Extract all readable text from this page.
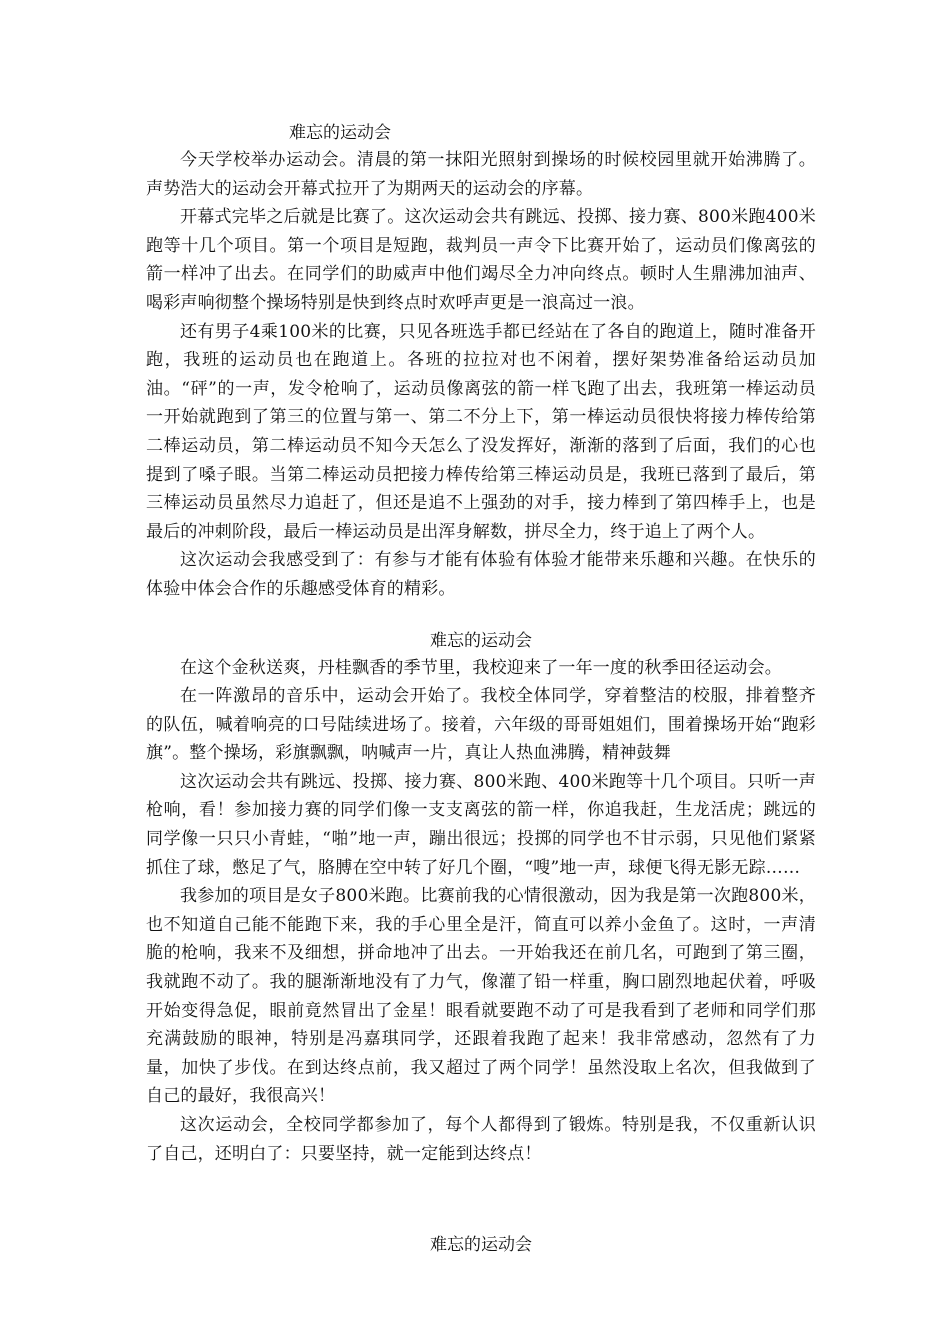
难忘的运动会

今天学校举办运动会。清晨的第一抹阳光照射到操场的时候校园里就开始沸腾了。声势浩大的运动会开幕式拉开了为期两天的运动会的序幕。

开幕式完毕之后就是比赛了。这次运动会共有跳远、投掷、接力赛、800米跑400米跑等十几个项目。第一个项目是短跑，裁判员一声令下比赛开始了，运动员们像离弦的箭一样冲了出去。在同学们的助威声中他们竭尽全力冲向终点。顿时人生鼎沸加油声、喝彩声响彻整个操场特别是快到终点时欢呼声更是一浪高过一浪。

还有男子4乘100米的比赛，只见各班选手都已经站在了各自的跑道上，随时准备开跑，我班的运动员也在跑道上。各班的拉拉对也不闲着，摆好架势准备给运动员加油。“砰”的一声，发令枪响了，运动员像离弦的箭一样飞跑了出去，我班第一棒运动员一开始就跑到了第三的位置与第一、第二不分上下，第一棒运动员很快将接力棒传给第二棒运动员，第二棒运动员不知今天怎么了没发挥好，渐渐的落到了后面，我们的心也提到了嗓子眼。当第二棒运动员把接力棒传给第三棒运动员是，我班已落到了最后，第三棒运动员虽然尽力追赶了，但还是追不上强劲的对手，接力棒到了第四棒手上，也是最后的冲刺阶段，最后一棒运动员是出浑身解数，拼尽全力，终于追上了两个人。

这次运动会我感受到了：有参与才能有体验有体验才能带来乐趣和兴趣。在快乐的体验中体会合作的乐趣感受体育的精彩。

难忘的运动会

在这个金秋送爽，丹桂飘香的季节里，我校迎来了一年一度的秋季田径运动会。

在一阵激昂的音乐中，运动会开始了。我校全体同学，穿着整洁的校服，排着整齐的队伍，喊着响亮的口号陆续进场了。接着，六年级的哥哥姐姐们，围着操场开始“跑彩旗”。整个操场，彩旗飘飘，呐喊声一片，真让人热血沸腾，精神鼓舞

这次运动会共有跳远、投掷、接力赛、800米跑、400米跑等十几个项目。只听一声枪响，看！参加接力赛的同学们像一支支离弦的箭一样，你追我赶，生龙活虎；跳远的同学像一只只小青蛙，“啪”地一声，蹦出很远；投掷的同学也不甘示弱，只见他们紧紧抓住了球，憋足了气，胳膊在空中转了好几个圈，“嗖”地一声，球便飞得无影无踪……

我参加的项目是女子800米跑。比赛前我的心情很激动，因为我是第一次跑800米，也不知道自己能不能跑下来，我的手心里全是汗，简直可以养小金鱼了。这时，一声清脆的枪响，我来不及细想，拼命地冲了出去。一开始我还在前几名，可跑到了第三圈，我就跑不动了。我的腿渐渐地没有了力气，像灌了铅一样重，胸口剧烈地起伏着，呼吸开始变得急促，眼前竟然冒出了金星！眼看就要跑不动了可是我看到了老师和同学们那充满鼓励的眼神，特别是冯嘉琪同学，还跟着我跑了起来！我非常感动，忽然有了力量，加快了步伐。在到达终点前，我又超过了两个同学！虽然没取上名次，但我做到了自己的最好，我很高兴！

这次运动会，全校同学都参加了，每个人都得到了锻炼。特别是我，不仅重新认识了自己，还明白了：只要坚持，就一定能到达终点！

难忘的运动会
